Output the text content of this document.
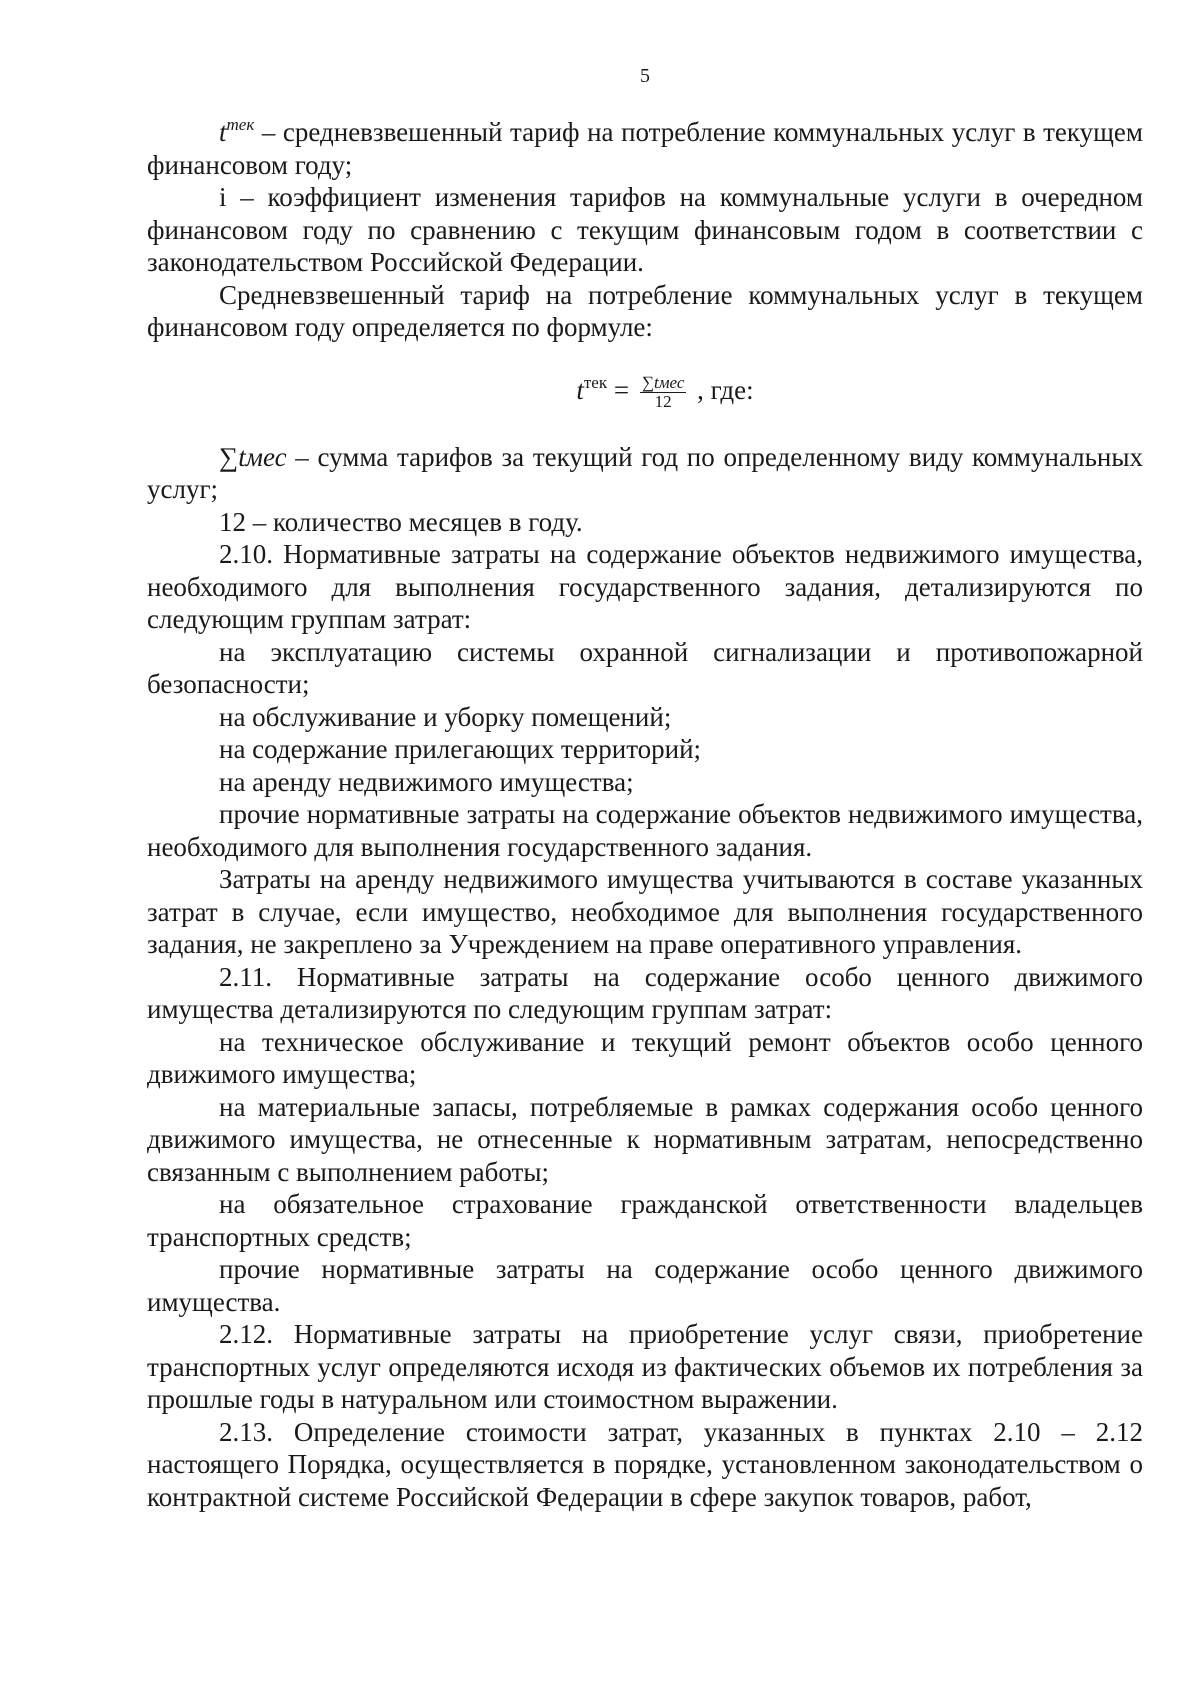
5

$t^{тек}$ – средневзвешенный тариф на потребление коммунальных услуг в текущем финансовом году;

i – коэффициент изменения тарифов на коммунальные услуги в очередном финансовом году по сравнению с текущим финансовым годом в соответствии с законодательством Российской Федерации.

Средневзвешенный тариф на потребление коммунальных услуг в текущем финансовом году определяется по формуле:

$t^{тек} = \frac{\text{∑tмес}}{12}$ , где:

∑tмес – сумма тарифов за текущий год по определенному виду коммунальных услуг;

12 – количество месяцев в году.

2.10. Нормативные затраты на содержание объектов недвижимого имущества, необходимого для выполнения государственного задания, детализируются по следующим группам затрат:

на эксплуатацию системы охранной сигнализации и противопожарной безопасности;

на обслуживание и уборку помещений;

на содержание прилегающих территорий;

на аренду недвижимого имущества;

прочие нормативные затраты на содержание объектов недвижимого имущества, необходимого для выполнения государственного задания.

Затраты на аренду недвижимого имущества учитываются в составе указанных затрат в случае, если имущество, необходимое для выполнения государственного задания, не закреплено за Учреждением на праве оперативного управления.

2.11. Нормативные затраты на содержание особо ценного движимого имущества детализируются по следующим группам затрат:

на техническое обслуживание и текущий ремонт объектов особо ценного движимого имущества;

на материальные запасы, потребляемые в рамках содержания особо ценного движимого имущества, не отнесенные к нормативным затратам, непосредственно связанным с выполнением работы;

на обязательное страхование гражданской ответственности владельцев транспортных средств;

прочие нормативные затраты на содержание особо ценного движимого имущества.

2.12. Нормативные затраты на приобретение услуг связи, приобретение транспортных услуг определяются исходя из фактических объемов их потребления за прошлые годы в натуральном или стоимостном выражении.

2.13. Определение стоимости затрат, указанных в пунктах 2.10 – 2.12 настоящего Порядка, осуществляется в порядке, установленном законодательством о контрактной системе Российской Федерации в сфере закупок товаров, работ,
